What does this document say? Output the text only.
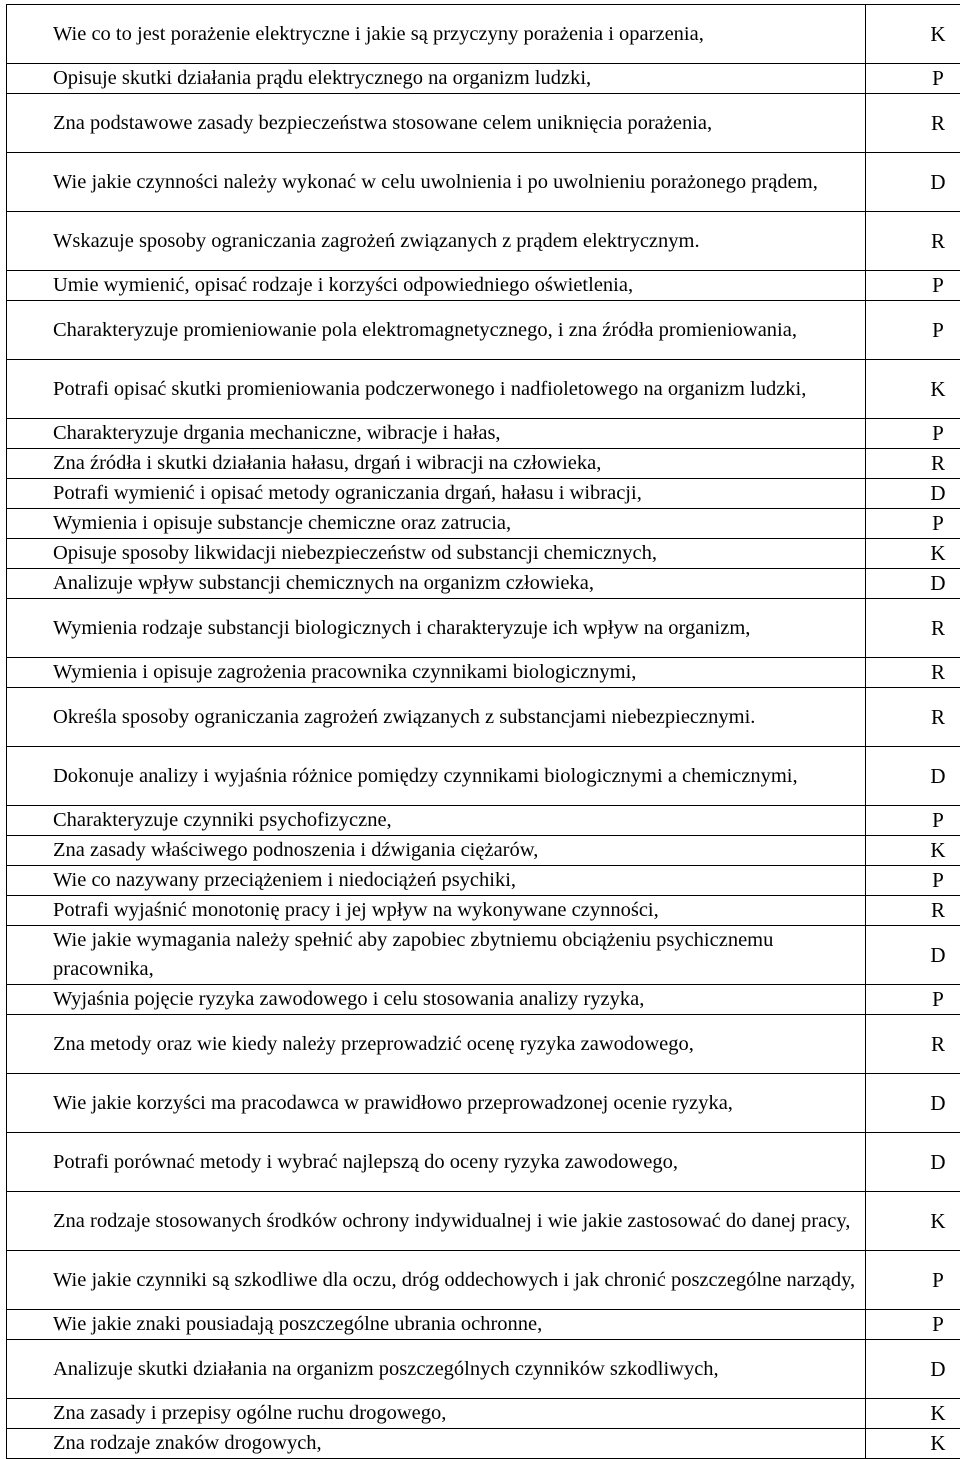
Wie co to jest porażenie elektryczne i jakie są przyczyny porażenia i oparzenia,	K
Opisuje skutki działania prądu elektrycznego na organizm ludzki,	P
Zna podstawowe zasady bezpieczeństwa stosowane celem uniknięcia porażenia,	R
Wie jakie czynności należy wykonać w celu uwolnienia i po uwolnieniu porażonego prądem,	D
Wskazuje sposoby ograniczania zagrożeń związanych z prądem elektrycznym.	R
Umie wymienić, opisać rodzaje i korzyści odpowiedniego oświetlenia,	P
Charakteryzuje promieniowanie pola elektromagnetycznego, i zna źródła promieniowania,	P
Potrafi opisać skutki promieniowania podczerwonego i nadfioletowego na organizm ludzki,	K
Charakteryzuje drgania mechaniczne, wibracje i hałas,	P
Zna źródła i skutki działania hałasu, drgań i wibracji na człowieka,	R
Potrafi wymienić i opisać metody ograniczania drgań, hałasu i wibracji,	D
Wymienia i opisuje substancje chemiczne oraz zatrucia,	P
Opisuje sposoby likwidacji niebezpieczeństw od substancji chemicznych,	K
Analizuje wpływ substancji chemicznych na organizm człowieka,	D
Wymienia rodzaje substancji biologicznych i charakteryzuje ich wpływ na organizm,	R
Wymienia i opisuje zagrożenia pracownika czynnikami biologicznymi,	R
Określa sposoby ograniczania zagrożeń związanych z substancjami niebezpiecznymi.	R
Dokonuje analizy i wyjaśnia różnice pomiędzy czynnikami biologicznymi a chemicznymi,	D
Charakteryzuje czynniki psychofizyczne,	P
Zna zasady właściwego podnoszenia i dźwigania ciężarów,	K
Wie co nazywany przeciążeniem i niedociążeń psychiki,	P
Potrafi wyjaśnić monotonię pracy i jej wpływ na wykonywane czynności,	R
Wie jakie wymagania należy spełnić aby zapobiec zbytniemu obciążeniu psychicznemu pracownika,	D
Wyjaśnia pojęcie ryzyka zawodowego i celu stosowania analizy ryzyka,	P
Zna metody oraz wie kiedy należy przeprowadzić ocenę ryzyka zawodowego,	R
Wie jakie korzyści ma pracodawca w prawidłowo przeprowadzonej ocenie ryzyka,	D
Potrafi porównać metody i wybrać najlepszą do oceny ryzyka zawodowego,	D
Zna rodzaje stosowanych środków ochrony indywidualnej i wie jakie zastosować do danej pracy,	K
Wie jakie czynniki są szkodliwe dla oczu, dróg oddechowych i jak chronić poszczególne narządy,	P
Wie jakie znaki pousiadają poszczególne ubrania ochronne,	P
Analizuje skutki działania na organizm poszczególnych czynników szkodliwych,	D
Zna zasady i przepisy ogólne ruchu drogowego,	K
Zna rodzaje znaków drogowych,	K
